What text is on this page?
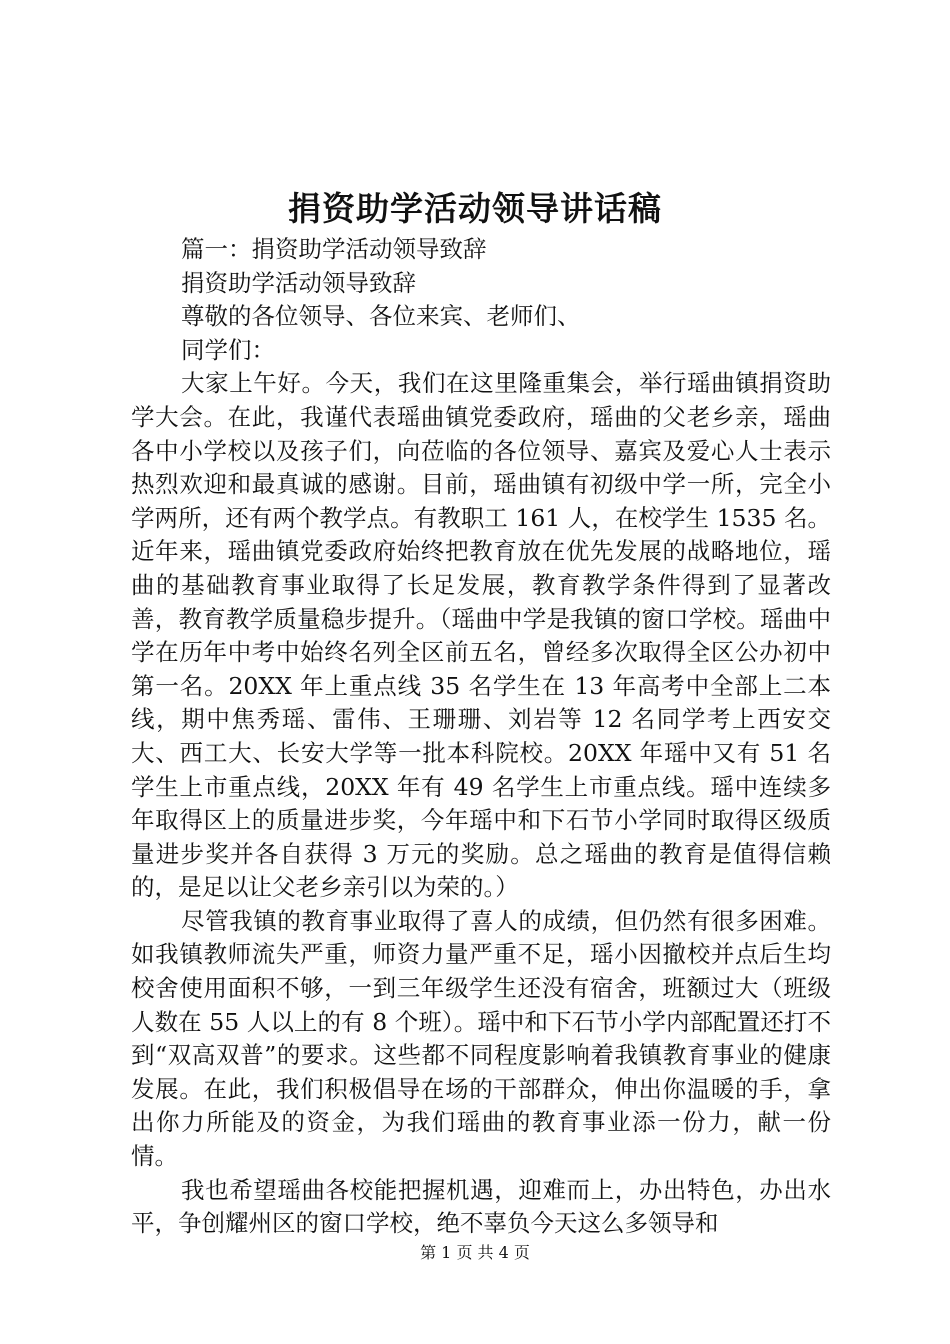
捐资助学活动领导讲话稿

篇一：捐资助学活动领导致辞

捐资助学活动领导致辞

尊敬的各位领导、各位来宾、老师们、

同学们：

大家上午好。今天，我们在这里隆重集会，举行瑶曲镇捐资助学大会。在此，我谨代表瑶曲镇党委政府，瑶曲的父老乡亲，瑶曲各中小学校以及孩子们，向莅临的各位领导、嘉宾及爱心人士表示热烈欢迎和最真诚的感谢。目前，瑶曲镇有初级中学一所，完全小学两所，还有两个教学点。有教职工 161 人，在校学生 1535 名。近年来，瑶曲镇党委政府始终把教育放在优先发展的战略地位，瑶曲的基础教育事业取得了长足发展，教育教学条件得到了显著改善，教育教学质量稳步提升。（瑶曲中学是我镇的窗口学校。瑶曲中学在历年中考中始终名列全区前五名，曾经多次取得全区公办初中第一名。20XX 年上重点线 35 名学生在 13 年高考中全部上二本线，期中焦秀瑶、雷伟、王珊珊、刘岩等 12 名同学考上西安交大、西工大、长安大学等一批本科院校。20XX 年瑶中又有 51 名学生上市重点线，20XX 年有 49 名学生上市重点线。瑶中连续多年取得区上的质量进步奖，今年瑶中和下石节小学同时取得区级质量进步奖并各自获得 3 万元的奖励。总之瑶曲的教育是值得信赖的，是足以让父老乡亲引以为荣的。）

尽管我镇的教育事业取得了喜人的成绩，但仍然有很多困难。如我镇教师流失严重，师资力量严重不足，瑶小因撤校并点后生均校舍使用面积不够，一到三年级学生还没有宿舍，班额过大（班级人数在 55 人以上的有 8 个班）。瑶中和下石节小学内部配置还打不到“双高双普”的要求。这些都不同程度影响着我镇教育事业的健康发展。在此，我们积极倡导在场的干部群众，伸出你温暖的手，拿出你力所能及的资金，为我们瑶曲的教育事业添一份力，献一份情。

我也希望瑶曲各校能把握机遇，迎难而上，办出特色，办出水平，争创耀州区的窗口学校，绝不辜负今天这么多领导和

第 1 页 共 4 页
